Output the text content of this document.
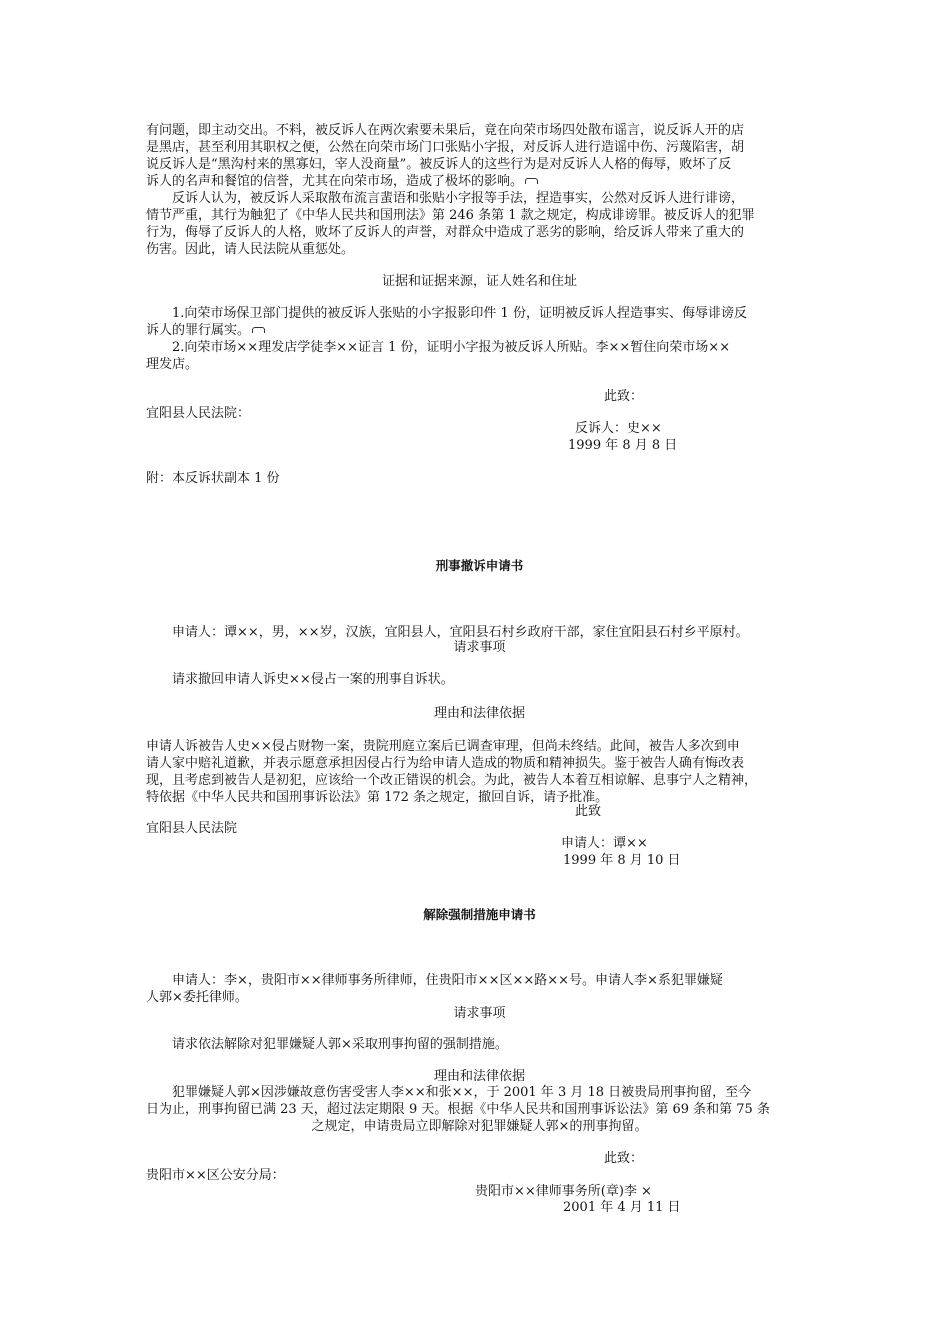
有问题，即主动交出。不料，被反诉人在两次索要未果后，竟在向荣市场四处散布谣言，说反诉人开的店
是黑店，甚至利用其职权之便，公然在向荣市场门口张贴小字报，对反诉人进行造谣中伤、污蔑陷害，胡
说反诉人是“黑沟村来的黑寡妇，宰人没商量”。被反诉人的这些行为是对反诉人人格的侮辱，败坏了反
诉人的名声和餐馆的信誉，尤其在向荣市场，造成了极坏的影响。
反诉人认为，被反诉人采取散布流言蜚语和张贴小字报等手法，捏造事实，公然对反诉人进行诽谤，
情节严重，其行为触犯了《中华人民共和国刑法》第 246 条第 1 款之规定，构成诽谤罪。被反诉人的犯罪
行为，侮辱了反诉人的人格，败坏了反诉人的声誉，对群众中造成了恶劣的影响，给反诉人带来了重大的
伤害。因此，请人民法院从重惩处。
证据和证据来源，证人姓名和住址
1.向荣市场保卫部门提供的被反诉人张贴的小字报影印件 1 份，证明被反诉人捏造事实、侮辱诽谤反
诉人的罪行属实。
2.向荣市场××理发店学徒李××证言 1 份，证明小字报为被反诉人所贴。李××暂住向荣市场××
理发店。
此致：
宜阳县人民法院：
反诉人：史××
1999 年 8 月 8 日
附：本反诉状副本 1 份
刑事撤诉申请书
申请人：谭××，男，××岁，汉族，宜阳县人，宜阳县石村乡政府干部，家住宜阳县石村乡平原村。
请求事项
请求撤回申请人诉史××侵占一案的刑事自诉状。
理由和法律依据
申请人诉被告人史××侵占财物一案，贵院刑庭立案后已调查审理，但尚未终结。此间，被告人多次到申
请人家中赔礼道歉，并表示愿意承担因侵占行为给申请人造成的物质和精神损失。鉴于被告人确有悔改表
现，且考虑到被告人是初犯，应该给一个改正错误的机会。为此，被告人本着互相谅解、息事宁人之精神，
特依据《中华人民共和国刑事诉讼法》第 172 条之规定，撤回自诉，请予批准。
此致
宜阳县人民法院
申请人：谭××
1999 年 8 月 10 日
解除强制措施申请书
申请人：李×，贵阳市××律师事务所律师，住贵阳市××区××路××号。申请人李×系犯罪嫌疑
人郭×委托律师。
请求事项
请求依法解除对犯罪嫌疑人郭×采取刑事拘留的强制措施。
理由和法律依据
犯罪嫌疑人郭×因涉嫌故意伤害受害人李××和张××，于 2001 年 3 月 18 日被贵局刑事拘留，至今
日为止，刑事拘留已满 23 天，超过法定期限 9 天。根据《中华人民共和国刑事诉讼法》第 69 条和第 75 条
之规定，申请贵局立即解除对犯罪嫌疑人郭×的刑事拘留。
此致：
贵阳市××区公安分局：
贵阳市××律师事务所(章)李 ×
2001 年 4 月 11 日
